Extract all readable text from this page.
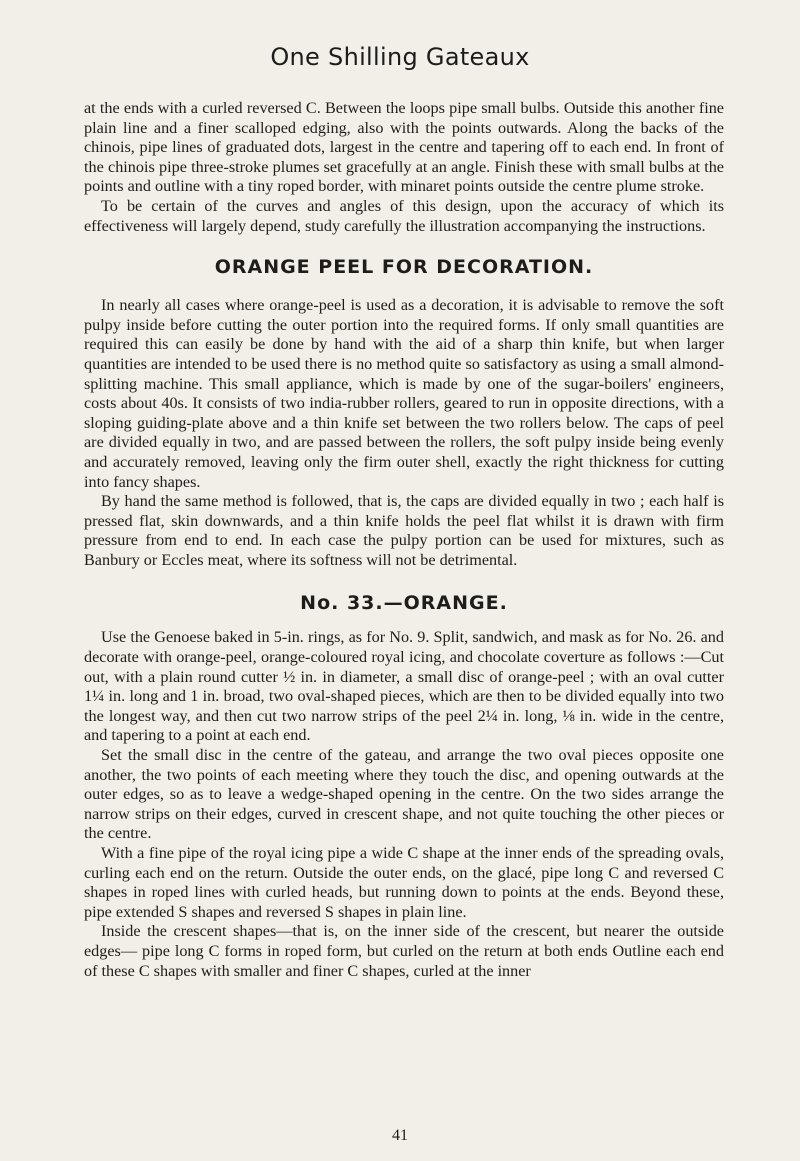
One Shilling Gateaux

at the ends with a curled reversed C. Between the loops pipe small bulbs. Outside this another fine plain line and a finer scalloped edging, also with the points outwards. Along the backs of the chinois, pipe lines of graduated dots, largest in the centre and tapering off to each end. In front of the chinois pipe three-stroke plumes set gracefully at an angle. Finish these with small bulbs at the points and outline with a tiny roped border, with minaret points outside the centre plume stroke.

To be certain of the curves and angles of this design, upon the accuracy of which its effectiveness will largely depend, study carefully the illustration accompanying the instructions.

ORANGE PEEL FOR DECORATION.

In nearly all cases where orange-peel is used as a decoration, it is advisable to remove the soft pulpy inside before cutting the outer portion into the required forms. If only small quantities are required this can easily be done by hand with the aid of a sharp thin knife, but when larger quantities are intended to be used there is no method quite so satisfactory as using a small almond-splitting machine. This small appliance, which is made by one of the sugar-boilers' engineers, costs about 40s. It consists of two india-rubber rollers, geared to run in opposite directions, with a sloping guiding-plate above and a thin knife set between the two rollers below. The caps of peel are divided equally in two, and are passed between the rollers, the soft pulpy inside being evenly and accurately removed, leaving only the firm outer shell, exactly the right thickness for cutting into fancy shapes.

By hand the same method is followed, that is, the caps are divided equally in two ; each half is pressed flat, skin downwards, and a thin knife holds the peel flat whilst it is drawn with firm pressure from end to end. In each case the pulpy portion can be used for mixtures, such as Banbury or Eccles meat, where its softness will not be detrimental.

No. 33.—ORANGE.

Use the Genoese baked in 5-in. rings, as for No. 9. Split, sandwich, and mask as for No. 26. and decorate with orange-peel, orange-coloured royal icing, and chocolate coverture as follows :—Cut out, with a plain round cutter ½ in. in diameter, a small disc of orange-peel ; with an oval cutter 1¼ in. long and 1 in. broad, two oval-shaped pieces, which are then to be divided equally into two the longest way, and then cut two narrow strips of the peel 2¼ in. long, ⅛ in. wide in the centre, and tapering to a point at each end.

Set the small disc in the centre of the gateau, and arrange the two oval pieces opposite one another, the two points of each meeting where they touch the disc, and opening outwards at the outer edges, so as to leave a wedge-shaped opening in the centre. On the two sides arrange the narrow strips on their edges, curved in crescent shape, and not quite touching the other pieces or the centre.

With a fine pipe of the royal icing pipe a wide C shape at the inner ends of the spreading ovals, curling each end on the return. Outside the outer ends, on the glacé, pipe long C and reversed C shapes in roped lines with curled heads, but running down to points at the ends. Beyond these, pipe extended S shapes and reversed S shapes in plain line.

Inside the crescent shapes—that is, on the inner side of the crescent, but nearer the outside edges— pipe long C forms in roped form, but curled on the return at both ends Outline each end of these C shapes with smaller and finer C shapes, curled at the inner

41
